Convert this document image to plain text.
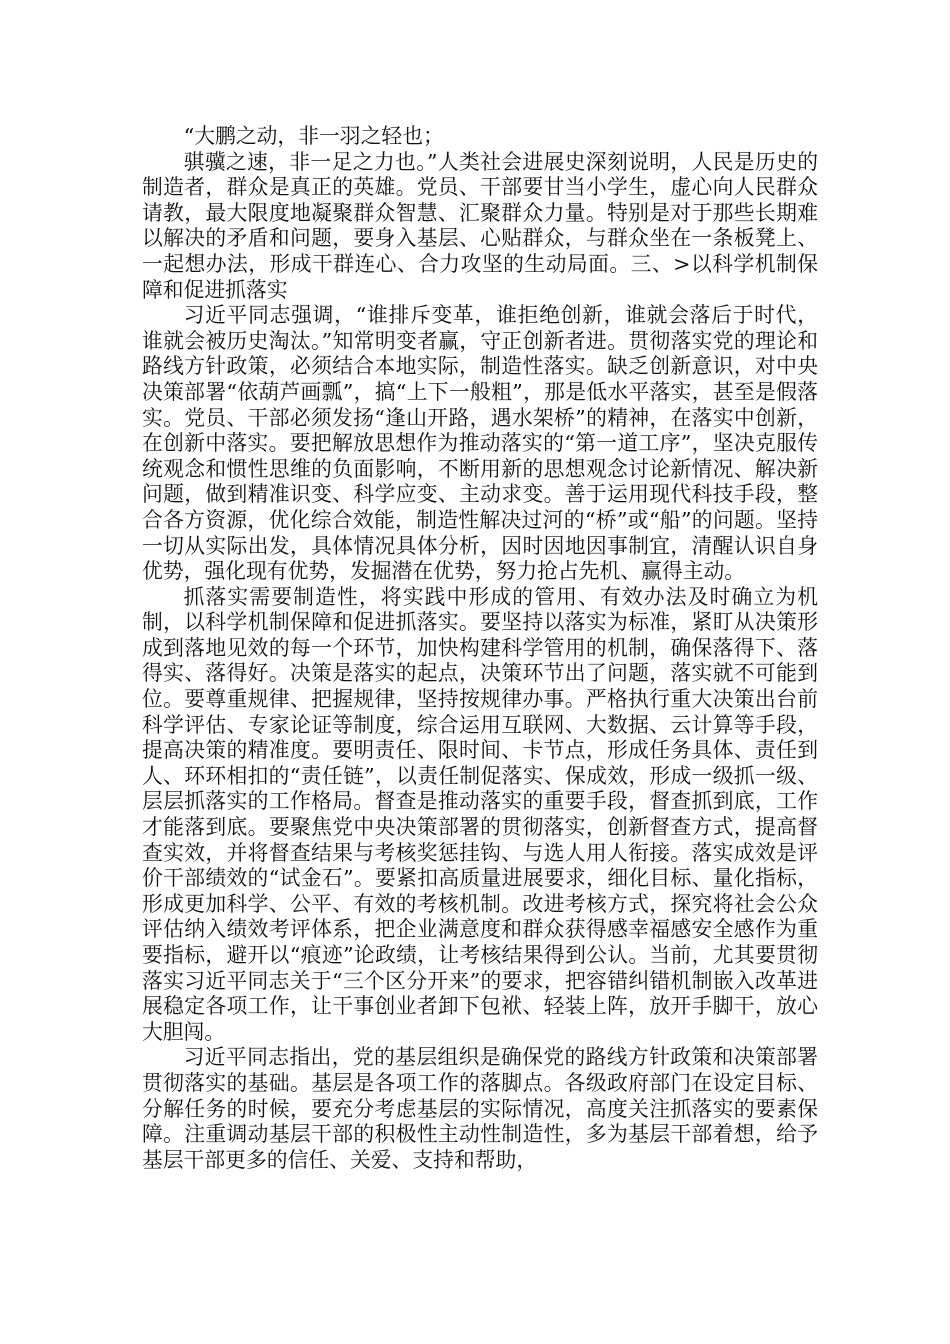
“大鹏之动，非一羽之轻也；

骐骥之速，非一足之力也。”人类社会进展史深刻说明，人民是历史的制造者，群众是真正的英雄。党员、干部要甘当小学生，虚心向人民群众请教，最大限度地凝聚群众智慧、汇聚群众力量。特别是对于那些长期难以解决的矛盾和问题，要身入基层、心贴群众，与群众坐在一条板凳上、一起想办法，形成干群连心、合力攻坚的生动局面。三、>以科学机制保障和促进抓落实

习近平同志强调，“谁排斥变革，谁拒绝创新，谁就会落后于时代，谁就会被历史淘汰。”知常明变者赢，守正创新者进。贯彻落实党的理论和路线方针政策，必须结合本地实际，制造性落实。缺乏创新意识，对中央决策部署“依葫芦画瓢”，搞“上下一般粗”，那是低水平落实，甚至是假落实。党员、干部必须发扬“逢山开路，遇水架桥”的精神，在落实中创新，在创新中落实。要把解放思想作为推动落实的“第一道工序”，坚决克服传统观念和惯性思维的负面影响，不断用新的思想观念讨论新情况、解决新问题，做到精准识变、科学应变、主动求变。善于运用现代科技手段，整合各方资源，优化综合效能，制造性解决过河的“桥”或“船”的问题。坚持一切从实际出发，具体情况具体分析，因时因地因事制宜，清醒认识自身优势，强化现有优势，发掘潜在优势，努力抢占先机、赢得主动。

抓落实需要制造性，将实践中形成的管用、有效办法及时确立为机制，以科学机制保障和促进抓落实。要坚持以落实为标准，紧盯从决策形成到落地见效的每一个环节，加快构建科学管用的机制，确保落得下、落得实、落得好。决策是落实的起点，决策环节出了问题，落实就不可能到位。要尊重规律、把握规律，坚持按规律办事。严格执行重大决策出台前科学评估、专家论证等制度，综合运用互联网、大数据、云计算等手段，提高决策的精准度。要明责任、限时间、卡节点，形成任务具体、责任到人、环环相扣的“责任链”，以责任制促落实、保成效，形成一级抓一级、层层抓落实的工作格局。督查是推动落实的重要手段，督查抓到底，工作才能落到底。要聚焦党中央决策部署的贯彻落实，创新督查方式，提高督查实效，并将督查结果与考核奖惩挂钩、与选人用人衔接。落实成效是评价干部绩效的“试金石”。要紧扣高质量进展要求，细化目标、量化指标，形成更加科学、公平、有效的考核机制。改进考核方式，探究将社会公众评估纳入绩效考评体系，把企业满意度和群众获得感幸福感安全感作为重要指标，避开以“痕迹”论政绩，让考核结果得到公认。当前，尤其要贯彻落实习近平同志关于“三个区分开来”的要求，把容错纠错机制嵌入改革进展稳定各项工作，让干事创业者卸下包袱、轻装上阵，放开手脚干，放心大胆闯。

习近平同志指出，党的基层组织是确保党的路线方针政策和决策部署贯彻落实的基础。基层是各项工作的落脚点。各级政府部门在设定目标、分解任务的时候，要充分考虑基层的实际情况，高度关注抓落实的要素保障。注重调动基层干部的积极性主动性制造性，多为基层干部着想，给予基层干部更多的信任、关爱、支持和帮助，
